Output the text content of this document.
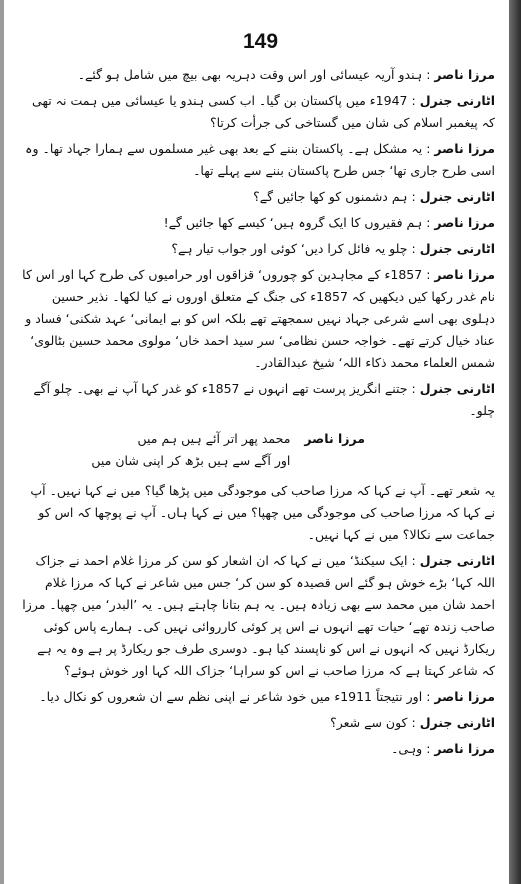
149

مرزا ناصر:ہندو آریہ عیسائی اور اس وقت دہریہ بھی بیچ میں شامل ہو گئے۔

اٹارنی جنرل:1947ء میں پاکستان بن گیا۔ اب کسی ہندو یا عیسائی میں ہمت نہ تھی کہ پیغمبر اسلام کی شان میں گستاخی کی جرأت کرتا؟

مرزا ناصر:یہ مشکل ہے۔ پاکستان بننے کے بعد بھی غیر مسلموں سے ہمارا جہاد تھا۔ وہ اسی طرح جاری تھا‘ جس طرح پاکستان بننے سے پہلے تھا۔

اٹارنی جنرل:ہم دشمنوں کو کھا جائیں گے؟

مرزا ناصر:ہم فقیروں کا ایک گروہ ہیں‘ کیسے کھا جائیں گے!

اٹارنی جنرل:چلو یہ فائل کرا دیں‘ کوئی اور جواب تیار ہے؟

مرزا ناصر:1857ء کے مجاہدین کو چوروں‘ قزاقوں اور حرامیوں کی طرح کہا اور اس کا نام غدر رکھا کیں دیکھیں کہ 1857ء کی جنگ کے متعلق اوروں نے کیا لکھا۔ نذیر حسین دہلوی بھی اسے شرعی جہاد نہیں سمجھتے تھے بلکہ اس کو بے ایمانی‘ عہد شکنی‘ فساد و عناد خیال کرتے تھے۔ خواجہ حسن نظامی‘ سر سید احمد خاں‘ مولوی محمد حسین بٹالوی‘ شمس العلماء محمد ذکاء اللہ‘ شیخ عبدالقادر۔

اٹارنی جنرل:جتنے انگریز پرست تھے انہوں نے 1857ء کو غدر کہا آپ نے بھی۔ چلو آگے چلو۔

مرزا ناصر
محمد پھر اتر آئے ہیں ہم میں
اور آگے سے ہیں بڑھ کر اپنی شان میں

یہ شعر تھے۔ آپ نے کہا کہ مرزا صاحب کی موجودگی میں پڑھا گیا؟ میں نے کہا نہیں۔ آپ نے کہا کہ مرزا صاحب کی موجودگی میں چھپا؟ میں نے کہا ہاں۔ آپ نے پوچھا کہ اس کو جماعت سے نکالا؟ میں نے کہا نہیں۔

اٹارنی جنرل:ایک سیکنڈ‘ میں نے کہا کہ ان اشعار کو سن کر مرزا غلام احمد نے جزاک اللہ کہا‘ بڑے خوش ہو گئے اس قصیدہ کو سن کر‘ جس میں شاعر نے کہا کہ مرزا غلام احمد شان میں محمد سے بھی زیادہ ہیں۔ یہ ہم بتانا چاہتے ہیں۔ یہ ’البدر‘ میں چھپا۔ مرزا صاحب زندہ تھے‘ حیات تھے انہوں نے اس پر کوئی کارروائی نہیں کی۔ ہمارے پاس کوئی ریکارڈ نہیں کہ انہوں نے اس کو ناپسند کیا ہو۔ دوسری طرف جو ریکارڈ پر ہے وہ یہ ہے کہ شاعر کہتا ہے کہ مرزا صاحب نے اس کو سراہا‘ جزاک اللہ کہا اور خوش ہوئے؟

مرزا ناصر:اور نتیجتاً 1911ء میں خود شاعر نے اپنی نظم سے ان شعروں کو نکال دیا۔

اٹارنی جنرل:کون سے شعر؟

مرزا ناصر:وہی۔
